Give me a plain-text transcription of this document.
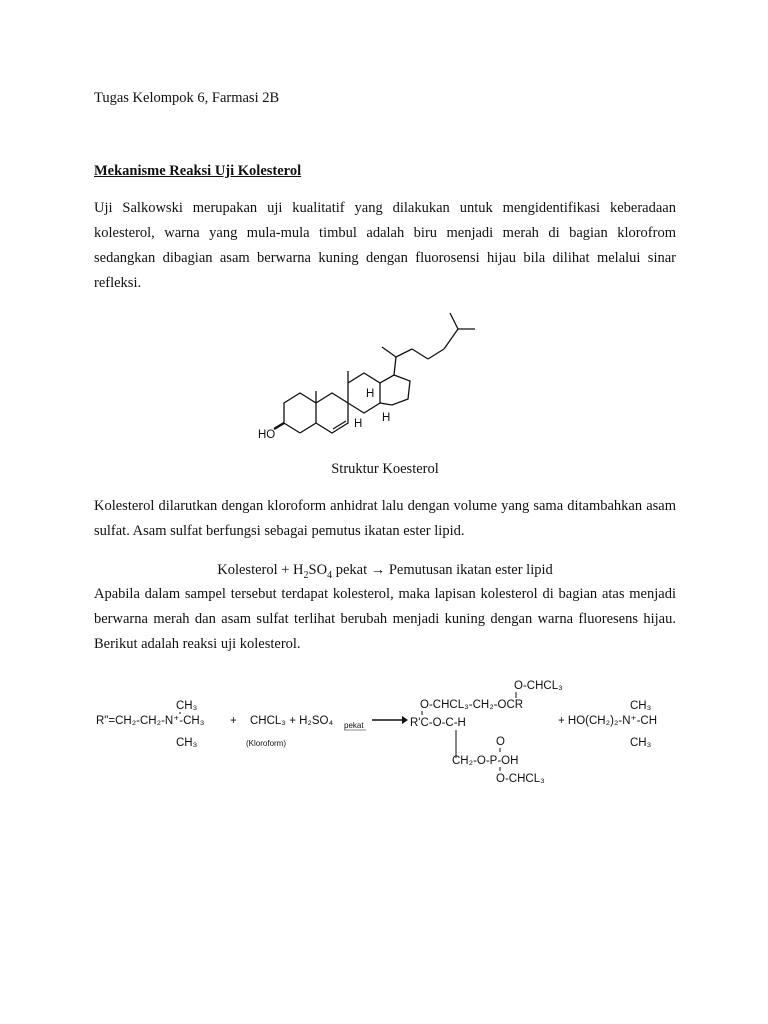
Tugas Kelompok 6, Farmasi 2B
Mekanisme Reaksi Uji Kolesterol
Uji Salkowski merupakan uji kualitatif yang dilakukan untuk mengidentifikasi keberadaan kolesterol, warna yang mula-mula timbul adalah biru menjadi merah di bagian klorofrom sedangkan dibagian asam berwarna kuning dengan fluorosensi hijau bila dilihat melalui sinar refleksi.
HO
H
H
H
Struktur Koesterol
Kolesterol dilarutkan dengan kloroform anhidrat lalu dengan volume yang sama ditambahkan asam sulfat. Asam sulfat berfungsi sebagai pemutus ikatan ester lipid.
Kolesterol + $H_2SO_4$ pekat → Pemutusan ikatan ester lipid
Apabila dalam sampel tersebut terdapat kolesterol, maka lapisan kolesterol di bagian atas menjadi berwarna merah dan asam sulfat terlihat berubah menjadi kuning dengan warna fluoresens hijau. Berikut adalah reaksi uji kolesterol.
CH₃
R"=CH₂-CH₂-N⁺-CH₃
CH₃
+ CHCL₃ + H₂SO₄ pekat
(Kloroform)
O-CHCL₃
O-CHCL₃-CH₂-OCR
R'C-O-C-H
O
CH₂-O-P-OH
O-CHCL₃
CH₃
+ HO(CH₂)₂-N⁺-CH
CH₃
